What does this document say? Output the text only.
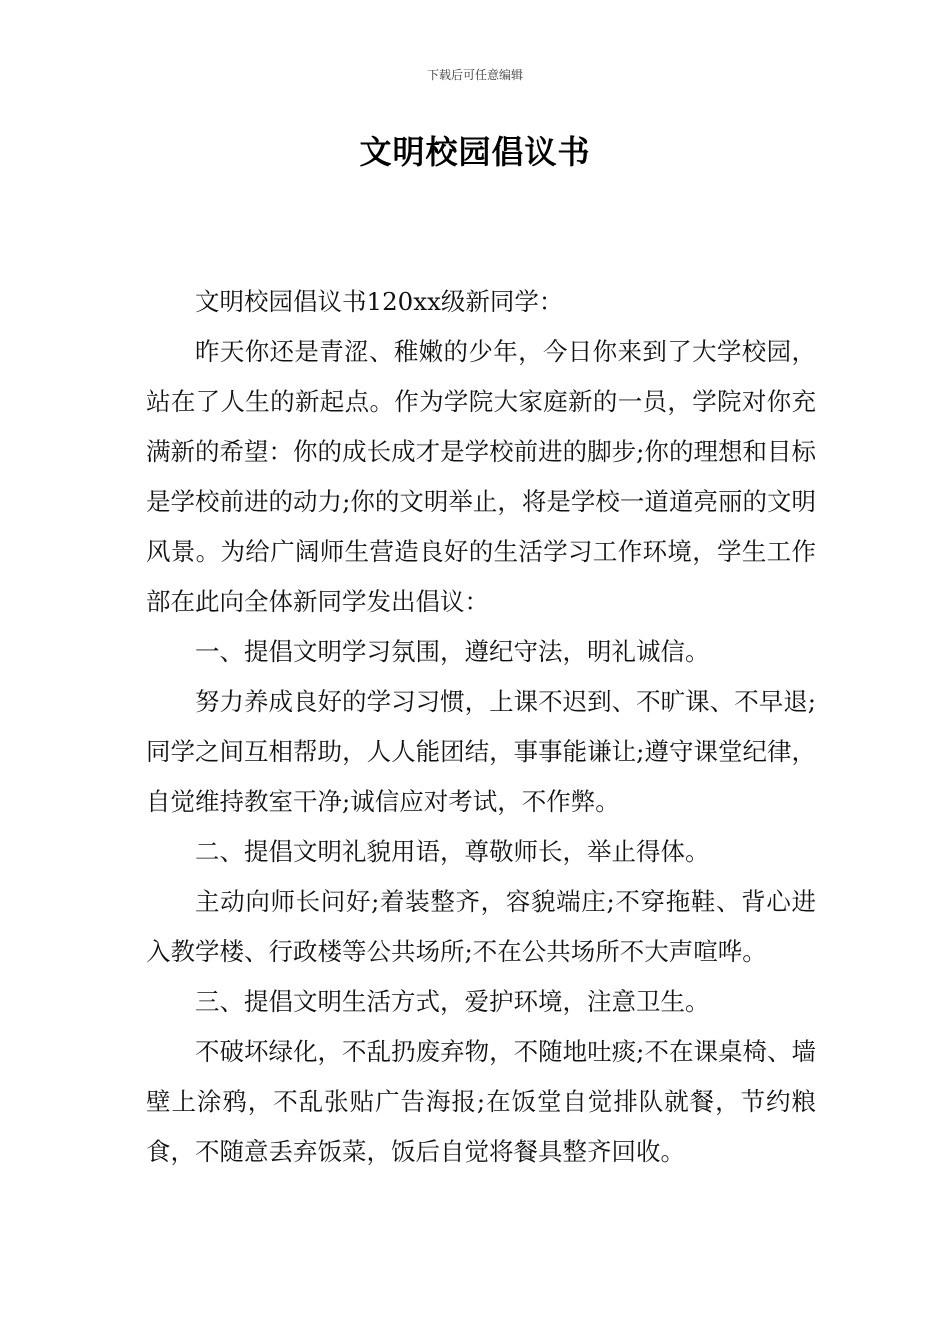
下载后可任意编辑
文明校园倡议书

文明校园倡议书120xx级新同学：

昨天你还是青涩、稚嫩的少年，今日你来到了大学校园，站在了人生的新起点。作为学院大家庭新的一员，学院对你充满新的希望：你的成长成才是学校前进的脚步;你的理想和目标是学校前进的动力;你的文明举止，将是学校一道道亮丽的文明风景。为给广阔师生营造良好的生活学习工作环境，学生工作部在此向全体新同学发出倡议：

一、提倡文明学习氛围，遵纪守法，明礼诚信。

努力养成良好的学习习惯，上课不迟到、不旷课、不早退;同学之间互相帮助，人人能团结，事事能谦让;遵守课堂纪律，自觉维持教室干净;诚信应对考试，不作弊。

二、提倡文明礼貌用语，尊敬师长，举止得体。

主动向师长问好;着装整齐，容貌端庄;不穿拖鞋、背心进入教学楼、行政楼等公共场所;不在公共场所不大声喧哗。

三、提倡文明生活方式，爱护环境，注意卫生。

不破坏绿化，不乱扔废弃物，不随地吐痰;不在课桌椅、墙壁上涂鸦，不乱张贴广告海报;在饭堂自觉排队就餐，节约粮食，不随意丢弃饭菜，饭后自觉将餐具整齐回收。
